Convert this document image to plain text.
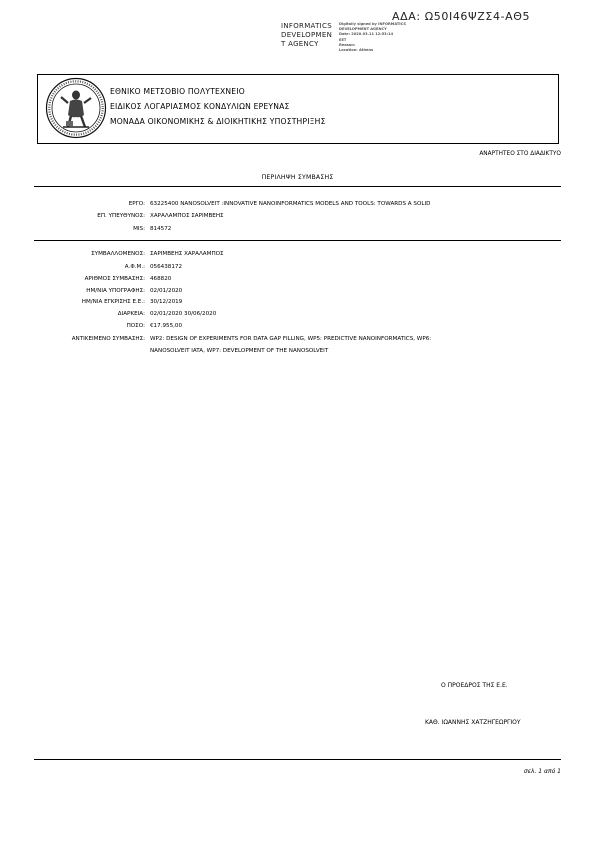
INFORMATICS
DEVELOPMEN
T AGENCY
Digitally signed by INFORMATICS
DEVELOPMENT AGENCY
Date: 2020.03.11 12:53:14
EET
Reason:
Location: Athens
ΑΔΑ: Ω50Ι46ΨΖΣ4-ΑΘ5
ΕΘΝΙΚΟ ΜΕΤΣΟΒΙΟ ΠΟΛΥΤΕΧΝΕΙΟ
ΕΙΔΙΚΟΣ ΛΟΓΑΡΙΑΣΜΟΣ ΚΟΝΔΥΛΙΩΝ ΕΡΕΥΝΑΣ
ΜΟΝΑΔΑ ΟΙΚΟΝΟΜΙΚΗΣ & ΔΙΟΙΚΗΤΙΚΗΣ ΥΠΟΣΤΗΡΙΞΗΣ
ΑΝΑΡΤΗΤΕΟ ΣΤΟ ΔΙΑΔΙΚΤΥΟ
ΠΕΡΙΛΗΨΗ ΣΥΜΒΑΣΗΣ
ΕΡΓΟ: 63225400 NANOSOLVEIT :INNOVATIVE NANOINFORMATICS MODELS AND TOOLS: TOWARDS A SOLID
ΕΠ. ΥΠΕΥΘΥΝΟΣ: ΧΑΡΑΛΑΜΠΟΣ ΣΑΡΙΜΒΕΗΣ
MIS: 814572
ΣΥΜΒΑΛΛΟΜΕΝΟΣ: ΣΑΡΙΜΒΕΗΣ ΧΑΡΑΛΑΜΠΟΣ
Α.Φ.Μ.: 056438172
ΑΡΙΘΜΟΣ ΣΥΜΒΑΣΗΣ: 468820
ΗΜ/ΝΙΑ ΥΠΟΓΡΑΦΗΣ: 02/01/2020
ΗΜ/ΝΙΑ ΕΓΚΡΙΣΗΣ Ε.Ε.: 30/12/2019
ΔΙΑΡΚΕΙΑ: 02/01/2020 30/06/2020
ΠΟΣΟ: €17.955,00
ΑΝΤΙΚΕΙΜΕΝΟ ΣΥΜΒΑΣΗΣ: WP2: DESIGN OF EXPERIMENTS FOR DATA GAP FILLING, WP5: PREDICTIVE NANOINFORMATICS, WP6:
NANOSOLVEIT IATA, WP7: DEVELOPMENT OF THE NANOSOLVEIT
Ο ΠΡΟΕΔΡΟΣ ΤΗΣ Ε.Ε.
ΚΑΘ. ΙΩΑΝΝΗΣ ΧΑΤΖΗΓΕΩΡΓΙΟΥ
σελ. 1 από 1
